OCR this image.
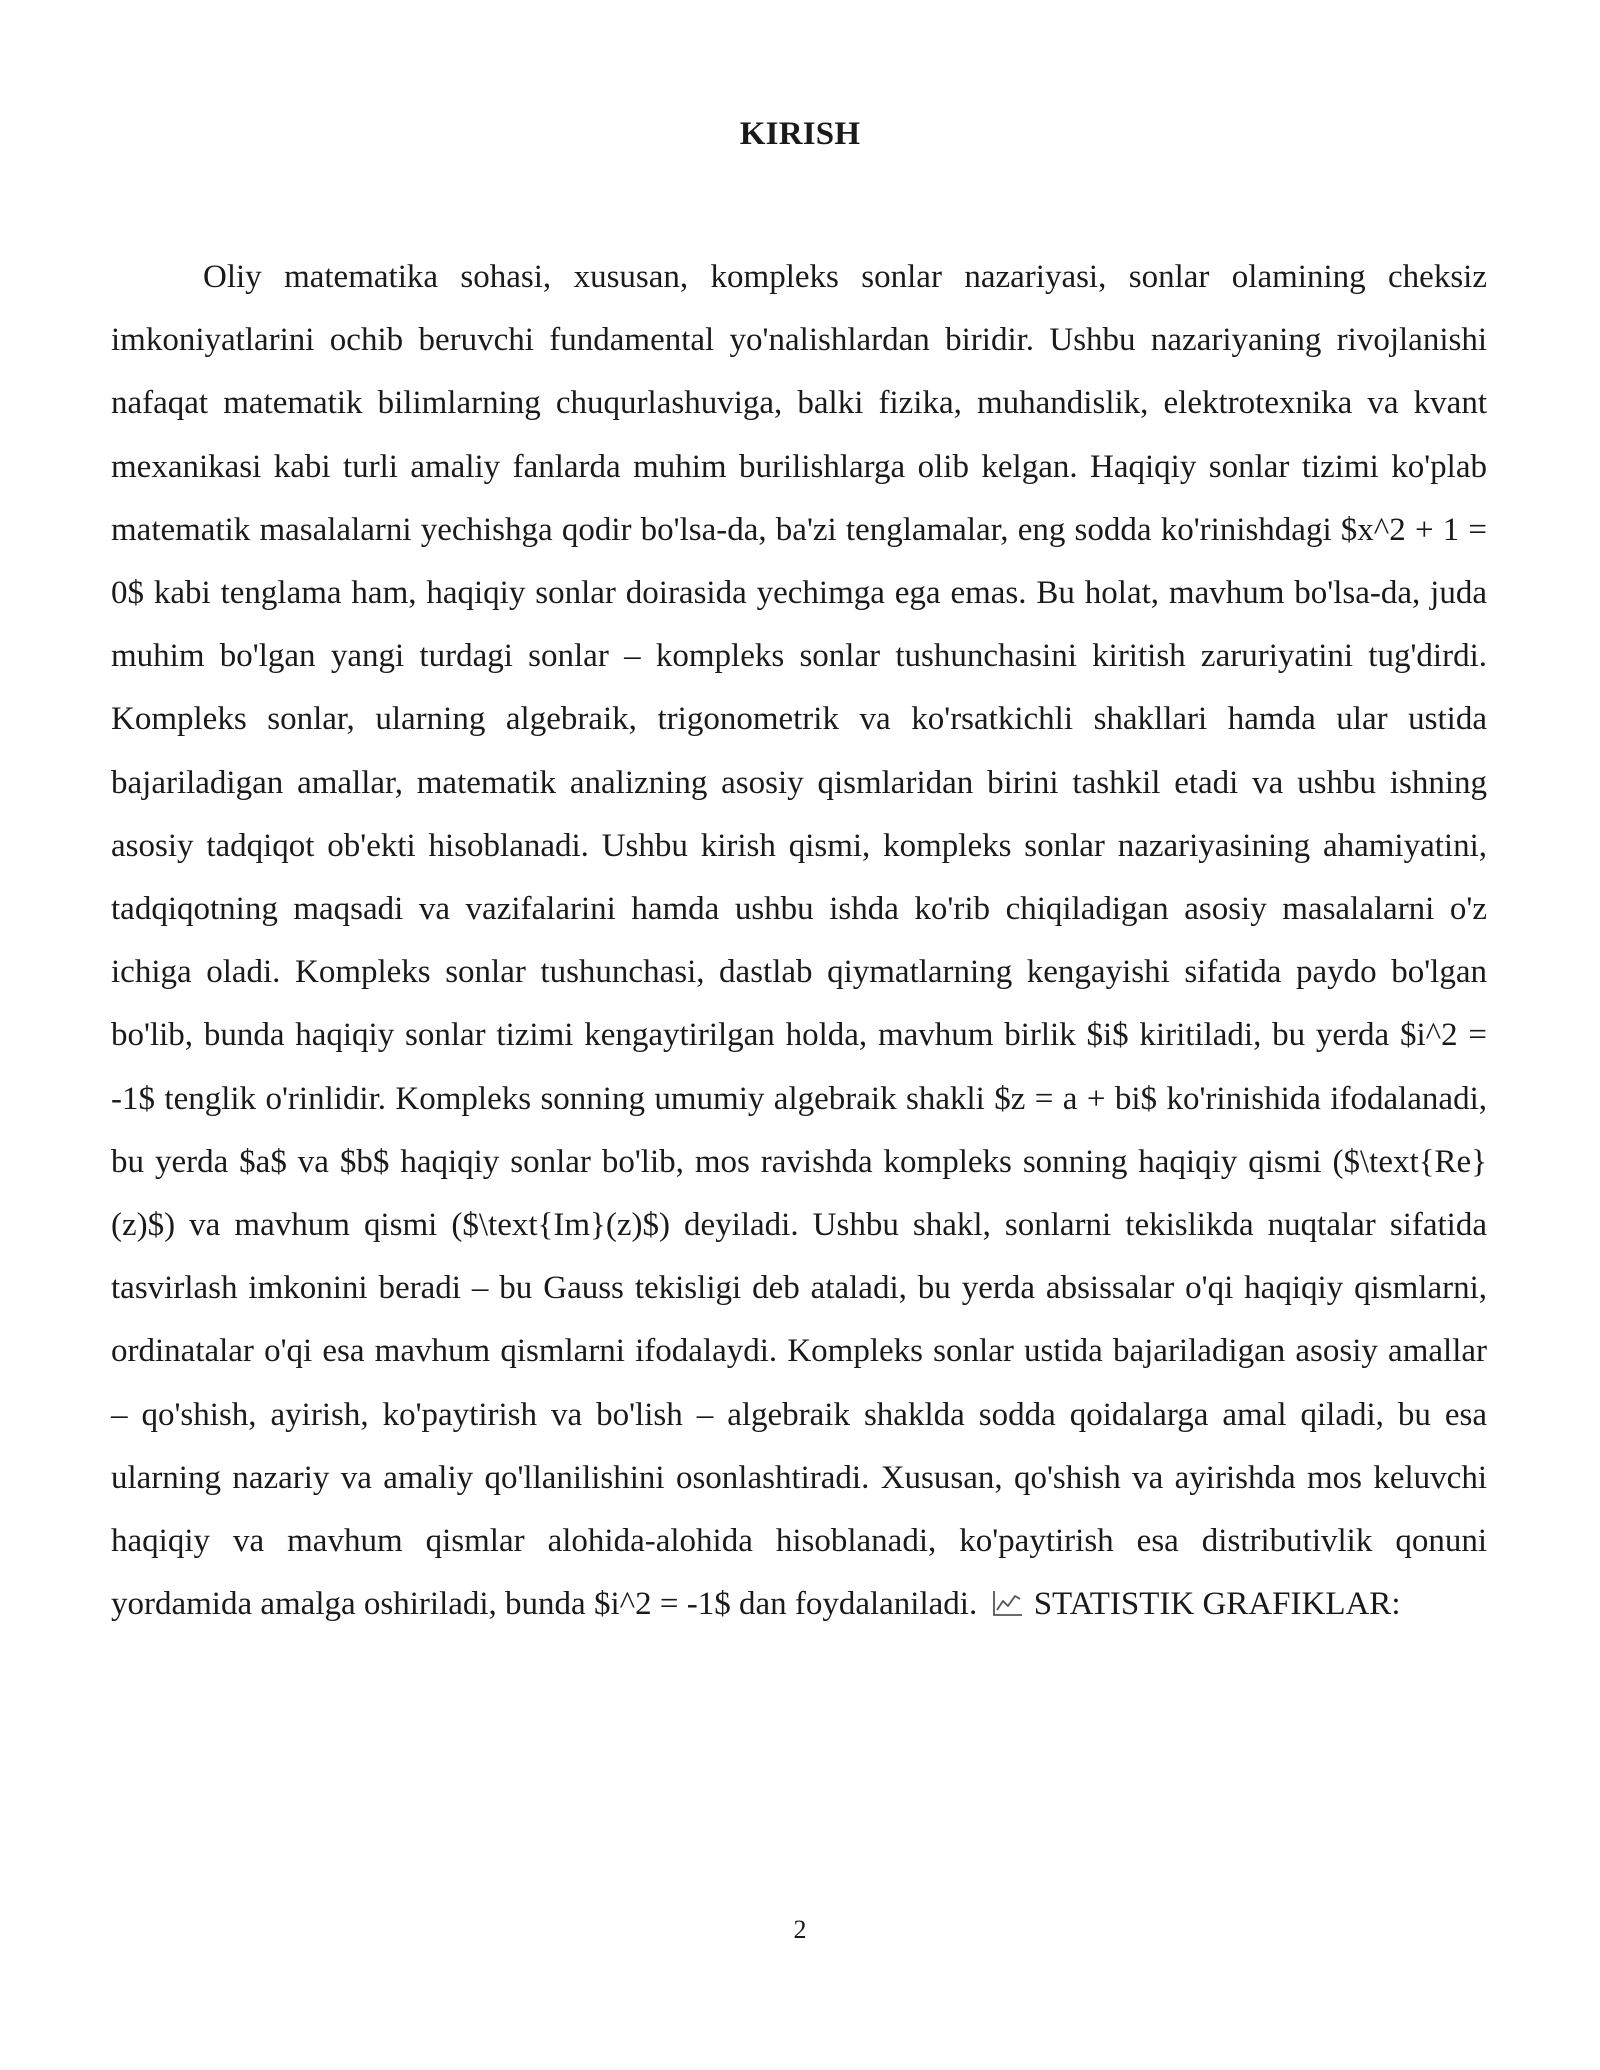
KIRISH

Oliy matematika sohasi, xususan, kompleks sonlar nazariyasi, sonlar olamining cheksiz imkoniyatlarini ochib beruvchi fundamental yo'nalishlardan biridir. Ushbu nazariyaning rivojlanishi nafaqat matematik bilimlarning chuqurlashuviga, balki fizika, muhandislik, elektrotexnika va kvant mexanikasi kabi turli amaliy fanlarda muhim burilishlarga olib kelgan. Haqiqiy sonlar tizimi ko'plab matematik masalalarni yechishga qodir bo'lsa-da, ba'zi tenglamalar, eng sodda ko'rinishdagi $x^2 + 1 = 0$ kabi tenglama ham, haqiqiy sonlar doirasida yechimga ega emas. Bu holat, mavhum bo'lsa-da, juda muhim bo'lgan yangi turdagi sonlar – kompleks sonlar tushunchasini kiritish zaruriyatini tug'dirdi. Kompleks sonlar, ularning algebraik, trigonometrik va ko'rsatkichli shakllari hamda ular ustida bajariladigan amallar, matematik analizning asosiy qismlaridan birini tashkil etadi va ushbu ishning asosiy tadqiqot ob'ekti hisoblanadi. Ushbu kirish qismi, kompleks sonlar nazariyasining ahamiyatini, tadqiqotning maqsadi va vazifalarini hamda ushbu ishda ko'rib chiqiladigan asosiy masalalarni o'z ichiga oladi. Kompleks sonlar tushunchasi, dastlab qiymatlarning kengayishi sifatida paydo bo'lgan bo'lib, bunda haqiqiy sonlar tizimi kengaytirilgan holda, mavhum birlik $i$ kiritiladi, bu yerda $i^2 = -1$ tenglik o'rinlidir. Kompleks sonning umumiy algebraik shakli $z = a + bi$ ko'rinishida ifodalanadi, bu yerda $a$ va $b$ haqiqiy sonlar bo'lib, mos ravishda kompleks sonning haqiqiy qismi ($\text{Re}(z)$) va mavhum qismi ($\text{Im}(z)$) deyiladi. Ushbu shakl, sonlarni tekislikda nuqtalar sifatida tasvirlash imkonini beradi – bu Gauss tekisligi deb ataladi, bu yerda absissalar o'qi haqiqiy qismlarni, ordinatalar o'qi esa mavhum qismlarni ifodalaydi. Kompleks sonlar ustida bajariladigan asosiy amallar – qo'shish, ayirish, ko'paytirish va bo'lish – algebraik shaklda sodda qoidalarga amal qiladi, bu esa ularning nazariy va amaliy qo'llanilishini osonlashtiradi. Xususan, qo'shish va ayirishda mos keluvchi haqiqiy va mavhum qismlar alohida-alohida hisoblanadi, ko'paytirish esa distributivlik qonuni yordamida amalga oshiriladi, bunda $i^2 = -1$ dan foydalaniladi. STATISTIK GRAFIKLAR:

2
